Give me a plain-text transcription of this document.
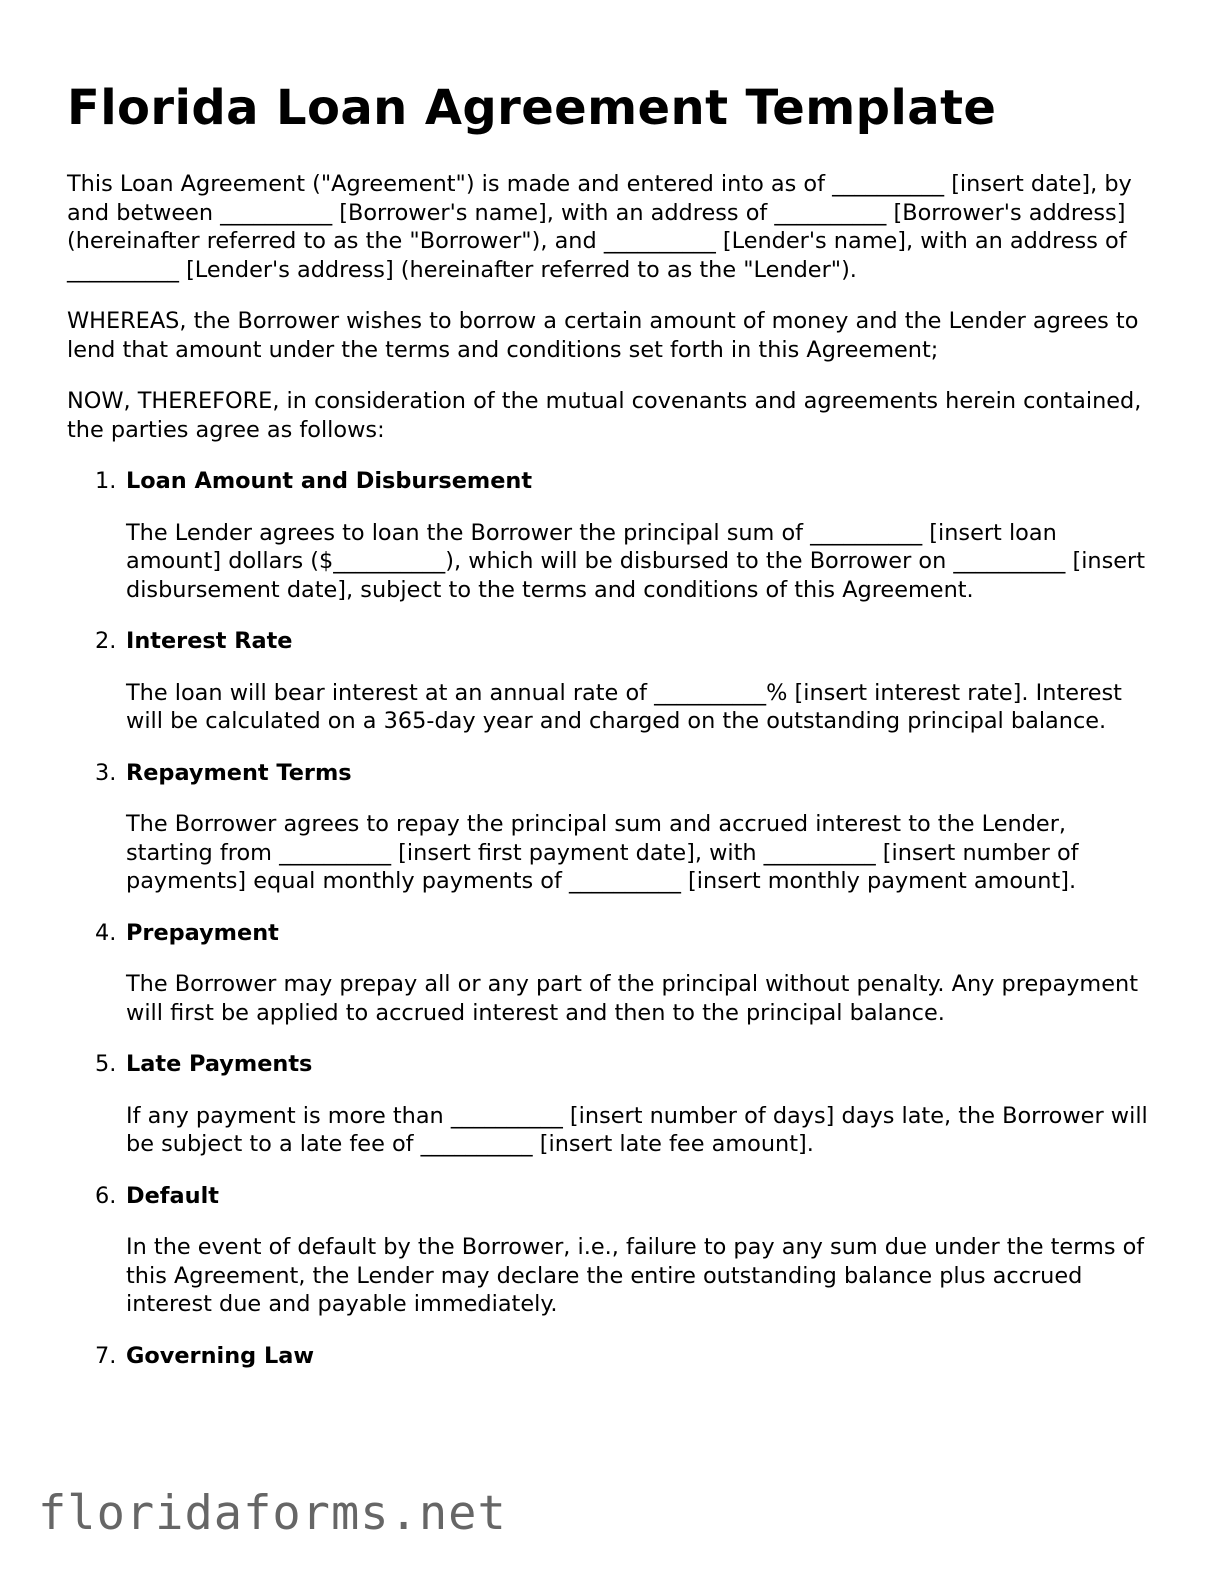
Florida Loan Agreement Template

This Loan Agreement ("Agreement") is made and entered into as of __________ [insert date], by and between __________ [Borrower's name], with an address of __________ [Borrower's address] (hereinafter referred to as the "Borrower"), and __________ [Lender's name], with an address of __________ [Lender's address] (hereinafter referred to as the "Lender").

WHEREAS, the Borrower wishes to borrow a certain amount of money and the Lender agrees to lend that amount under the terms and conditions set forth in this Agreement;

NOW, THEREFORE, in consideration of the mutual covenants and agreements herein contained, the parties agree as follows:

1. Loan Amount and Disbursement
The Lender agrees to loan the Borrower the principal sum of __________ [insert loan amount] dollars ($__________), which will be disbursed to the Borrower on __________ [insert disbursement date], subject to the terms and conditions of this Agreement.
2. Interest Rate
The loan will bear interest at an annual rate of __________% [insert interest rate]. Interest will be calculated on a 365-day year and charged on the outstanding principal balance.
3. Repayment Terms
The Borrower agrees to repay the principal sum and accrued interest to the Lender, starting from __________ [insert first payment date], with __________ [insert number of payments] equal monthly payments of __________ [insert monthly payment amount].
4. Prepayment
The Borrower may prepay all or any part of the principal without penalty. Any prepayment will first be applied to accrued interest and then to the principal balance.
5. Late Payments
If any payment is more than __________ [insert number of days] days late, the Borrower will be subject to a late fee of __________ [insert late fee amount].
6. Default
In the event of default by the Borrower, i.e., failure to pay any sum due under the terms of this Agreement, the Lender may declare the entire outstanding balance plus accrued interest due and payable immediately.
7. Governing Law
floridaforms.net
